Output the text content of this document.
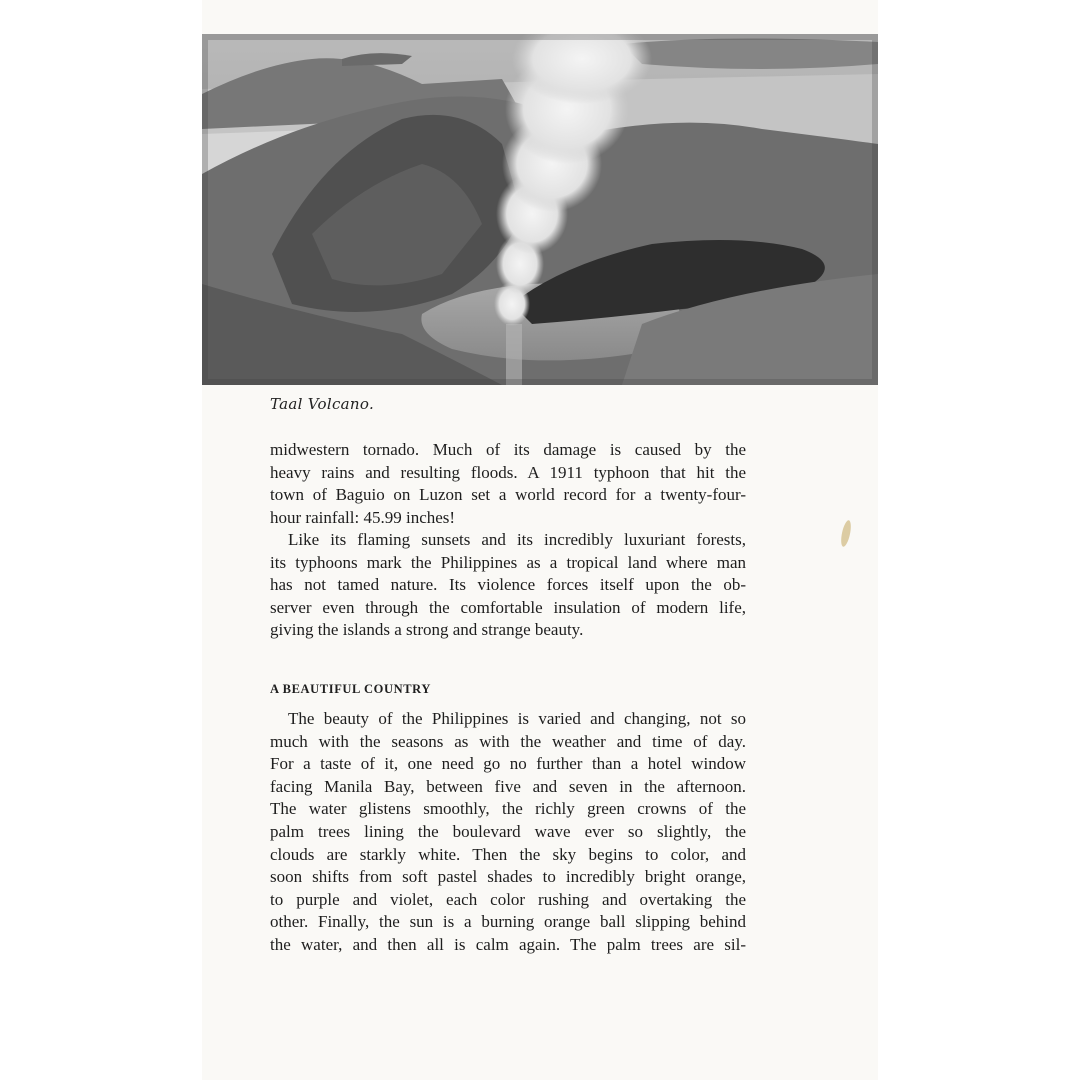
Taal Volcano.
midwestern tornado. Much of its damage is caused by the
heavy rains and resulting floods. A 1911 typhoon that hit the
town of Baguio on Luzon set a world record for a twenty-four-
hour rainfall: 45.99 inches!
Like its flaming sunsets and its incredibly luxuriant forests,
its typhoons mark the Philippines as a tropical land where man
has not tamed nature. Its violence forces itself upon the ob-
server even through the comfortable insulation of modern life,
giving the islands a strong and strange beauty.
A BEAUTIFUL COUNTRY
The beauty of the Philippines is varied and changing, not so
much with the seasons as with the weather and time of day.
For a taste of it, one need go no further than a hotel window
facing Manila Bay, between five and seven in the afternoon.
The water glistens smoothly, the richly green crowns of the
palm trees lining the boulevard wave ever so slightly, the
clouds are starkly white. Then the sky begins to color, and
soon shifts from soft pastel shades to incredibly bright orange,
to purple and violet, each color rushing and overtaking the
other. Finally, the sun is a burning orange ball slipping behind
the water, and then all is calm again. The palm trees are sil-
